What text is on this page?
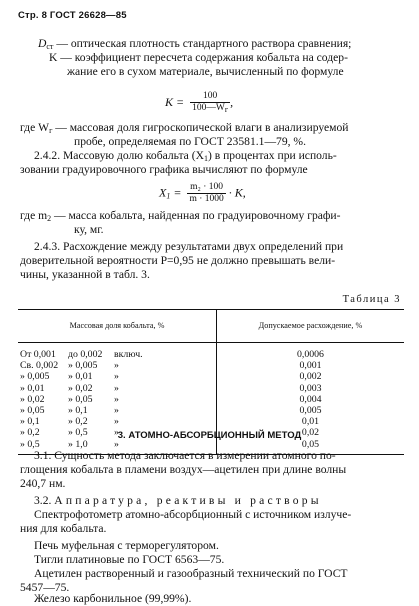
Стр. 8 ГОСТ 26628—85
$D_{ст}$ — оптическая плотность стандартного раствора сравнения;
K — коэффициент пересчета содержания кобальта на содер-
жание его в сухом материале, вычисленный по формуле
$K = \frac{100}{100—W_г}$ ,
где $W_г$ — массовая доля гигроскопической влаги в анализируемой
пробе, определяемая по ГОСТ 23581.1—79, %.
2.4.2. Массовую долю кобальта $(X_1)$ в процентах при исполь-
зовании градуировочного графика вычисляют по формуле
$X_1 = \frac{\text{m₂ · 100}}{m \cdot 1000} \cdot K$,
где $m_2$ — масса кобальта, найденная по градуировочному графи-
ку, мг.
2.4.3. Расхождение между результатами двух определений при
доверительной вероятности P=0,95 не должно превышать вели-
чины, указанной в табл. 3.
Таблица 3
Массовая доля кобальта, %	Допускаемое расхождение, %

От 0,001 до 0,002 включ.	0,0006

Св. 0,002 » 0,005 »	0,001

» 0,005 » 0,01 »	0,002

» 0,01 » 0,02 »	0,003

» 0,02 » 0,05 »	0,004

» 0,05 » 0,1 »	0,005

» 0,1 » 0,2 »	0,01

» 0,2 » 0,5 »	0,02

» 0,5 » 1,0 »	0,05
3. АТОМНО-АБСОРБЦИОННЫЙ МЕТОД
3.1. Сущность метода заключается в измерении атомного по-
глощения кобальта в пламени воздух—ацетилен при длине волны
240,7 нм.
3.2. Аппаратура, реактивы и растворы
Спектрофотометр атомно-абсорбционный с источником излуче-
ния для кобальта.
Печь муфельная с терморегулятором.
Тигли платиновые по ГОСТ 6563—75.
Ацетилен растворенный и газообразный технический по ГОСТ
5457—75.
Железо карбонильное (99,99%).
